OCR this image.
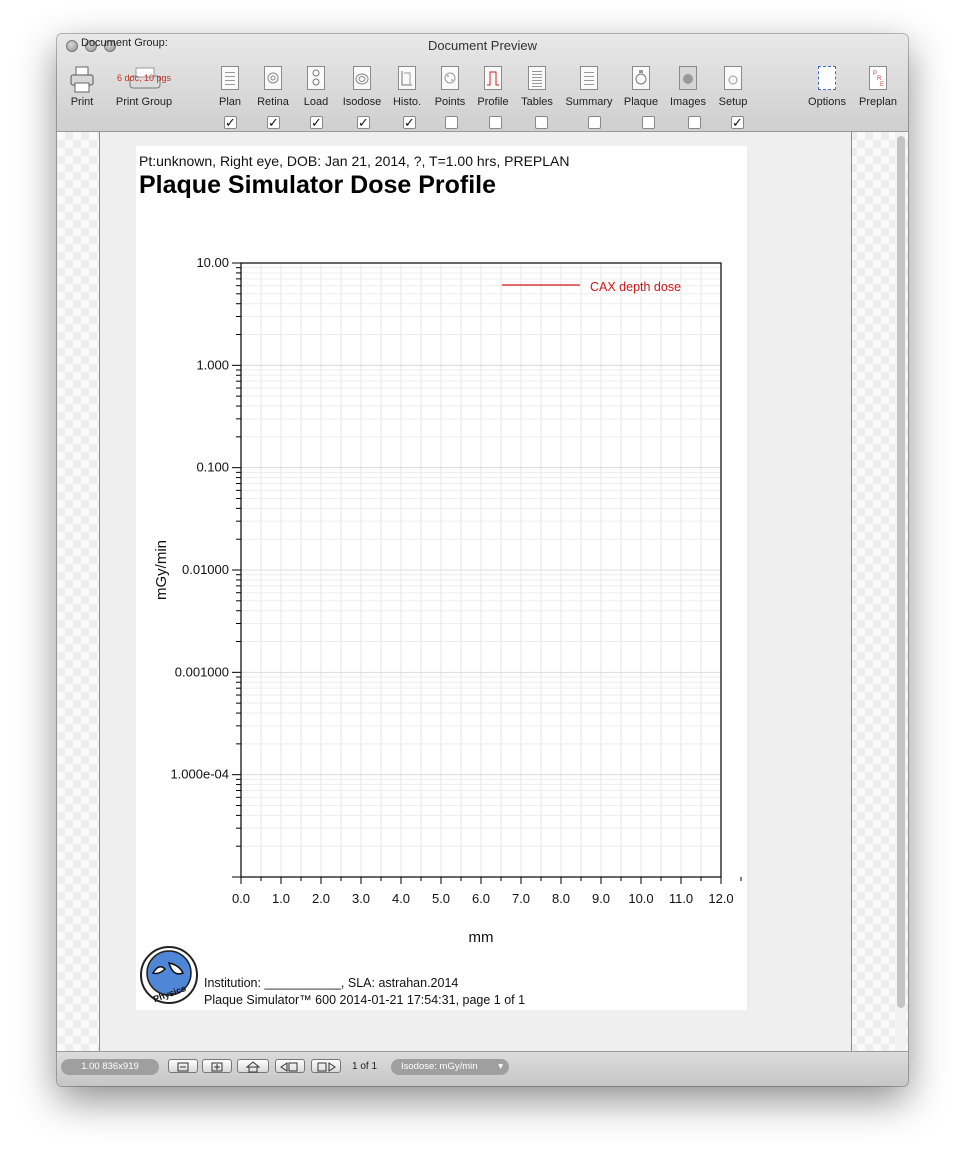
Document Preview
Print
6 doc, 10 pgs
Print Group	Plan	Retina	Load	Isodose	Histo.	Points	Profile	Tables	Summary	Plaque Images	Setup	Options
P
R
E
Preplan
Document Group:
✓ ✓ ✓	✓	✓	✓
1.00 836x919	1 of 1	Isodose: mGy/min ▾
Pt:unknown, Right eye, DOB: Jan 21, 2014, ?, T=1.00 hrs, PREPLAN
Plaque Simulator Dose Profile
0.0 1.0 2.0 3.0 4.0 5.0 6.0 7.0 8.0 9.0 10.0 11.0 12.0
10.00
1.000
0.100
0.01000
0.001000
1.000e-04
mm
mGy/min
CAX depth dose
Physics
Institution: ___________, SLA: astrahan.2014
Plaque Simulator™ 600 2014-01-21 17:54:31, page 1 of 1
